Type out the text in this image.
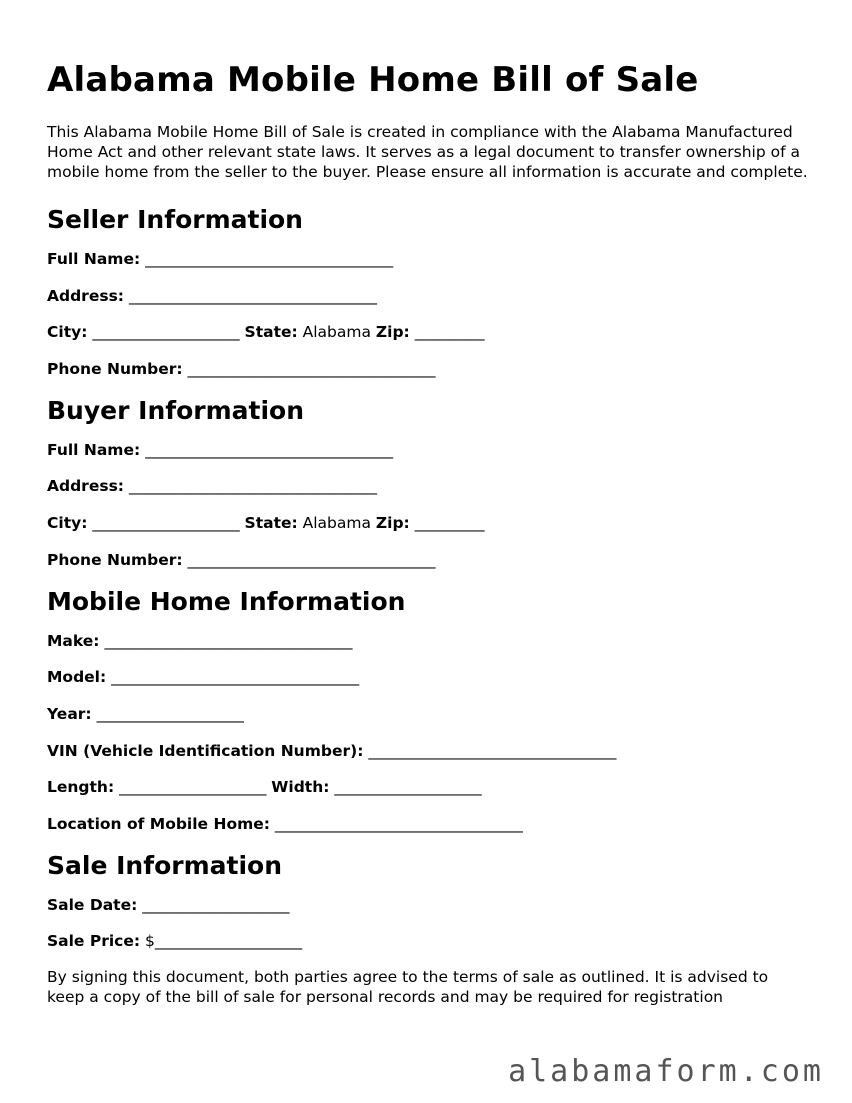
Alabama Mobile Home Bill of Sale

This Alabama Mobile Home Bill of Sale is created in compliance with the Alabama Manufactured Home Act and other relevant state laws. It serves as a legal document to transfer ownership of a mobile home from the seller to the buyer. Please ensure all information is accurate and complete.

Seller Information
Full Name: ________________________________
Address: ________________________________
City: ___________________ State: Alabama Zip: _________
Phone Number: ________________________________
Buyer Information
Full Name: ________________________________
Address: ________________________________
City: ___________________ State: Alabama Zip: _________
Phone Number: ________________________________
Mobile Home Information
Make: ________________________________
Model: ________________________________
Year: ___________________
VIN (Vehicle Identification Number): ________________________________
Length: ___________________ Width: ___________________
Location of Mobile Home: ________________________________
Sale Information
Sale Date: ___________________
Sale Price: $___________________

By signing this document, both parties agree to the terms of sale as outlined. It is advised to keep a copy of the bill of sale for personal records and may be required for registration

alabamaform.com
